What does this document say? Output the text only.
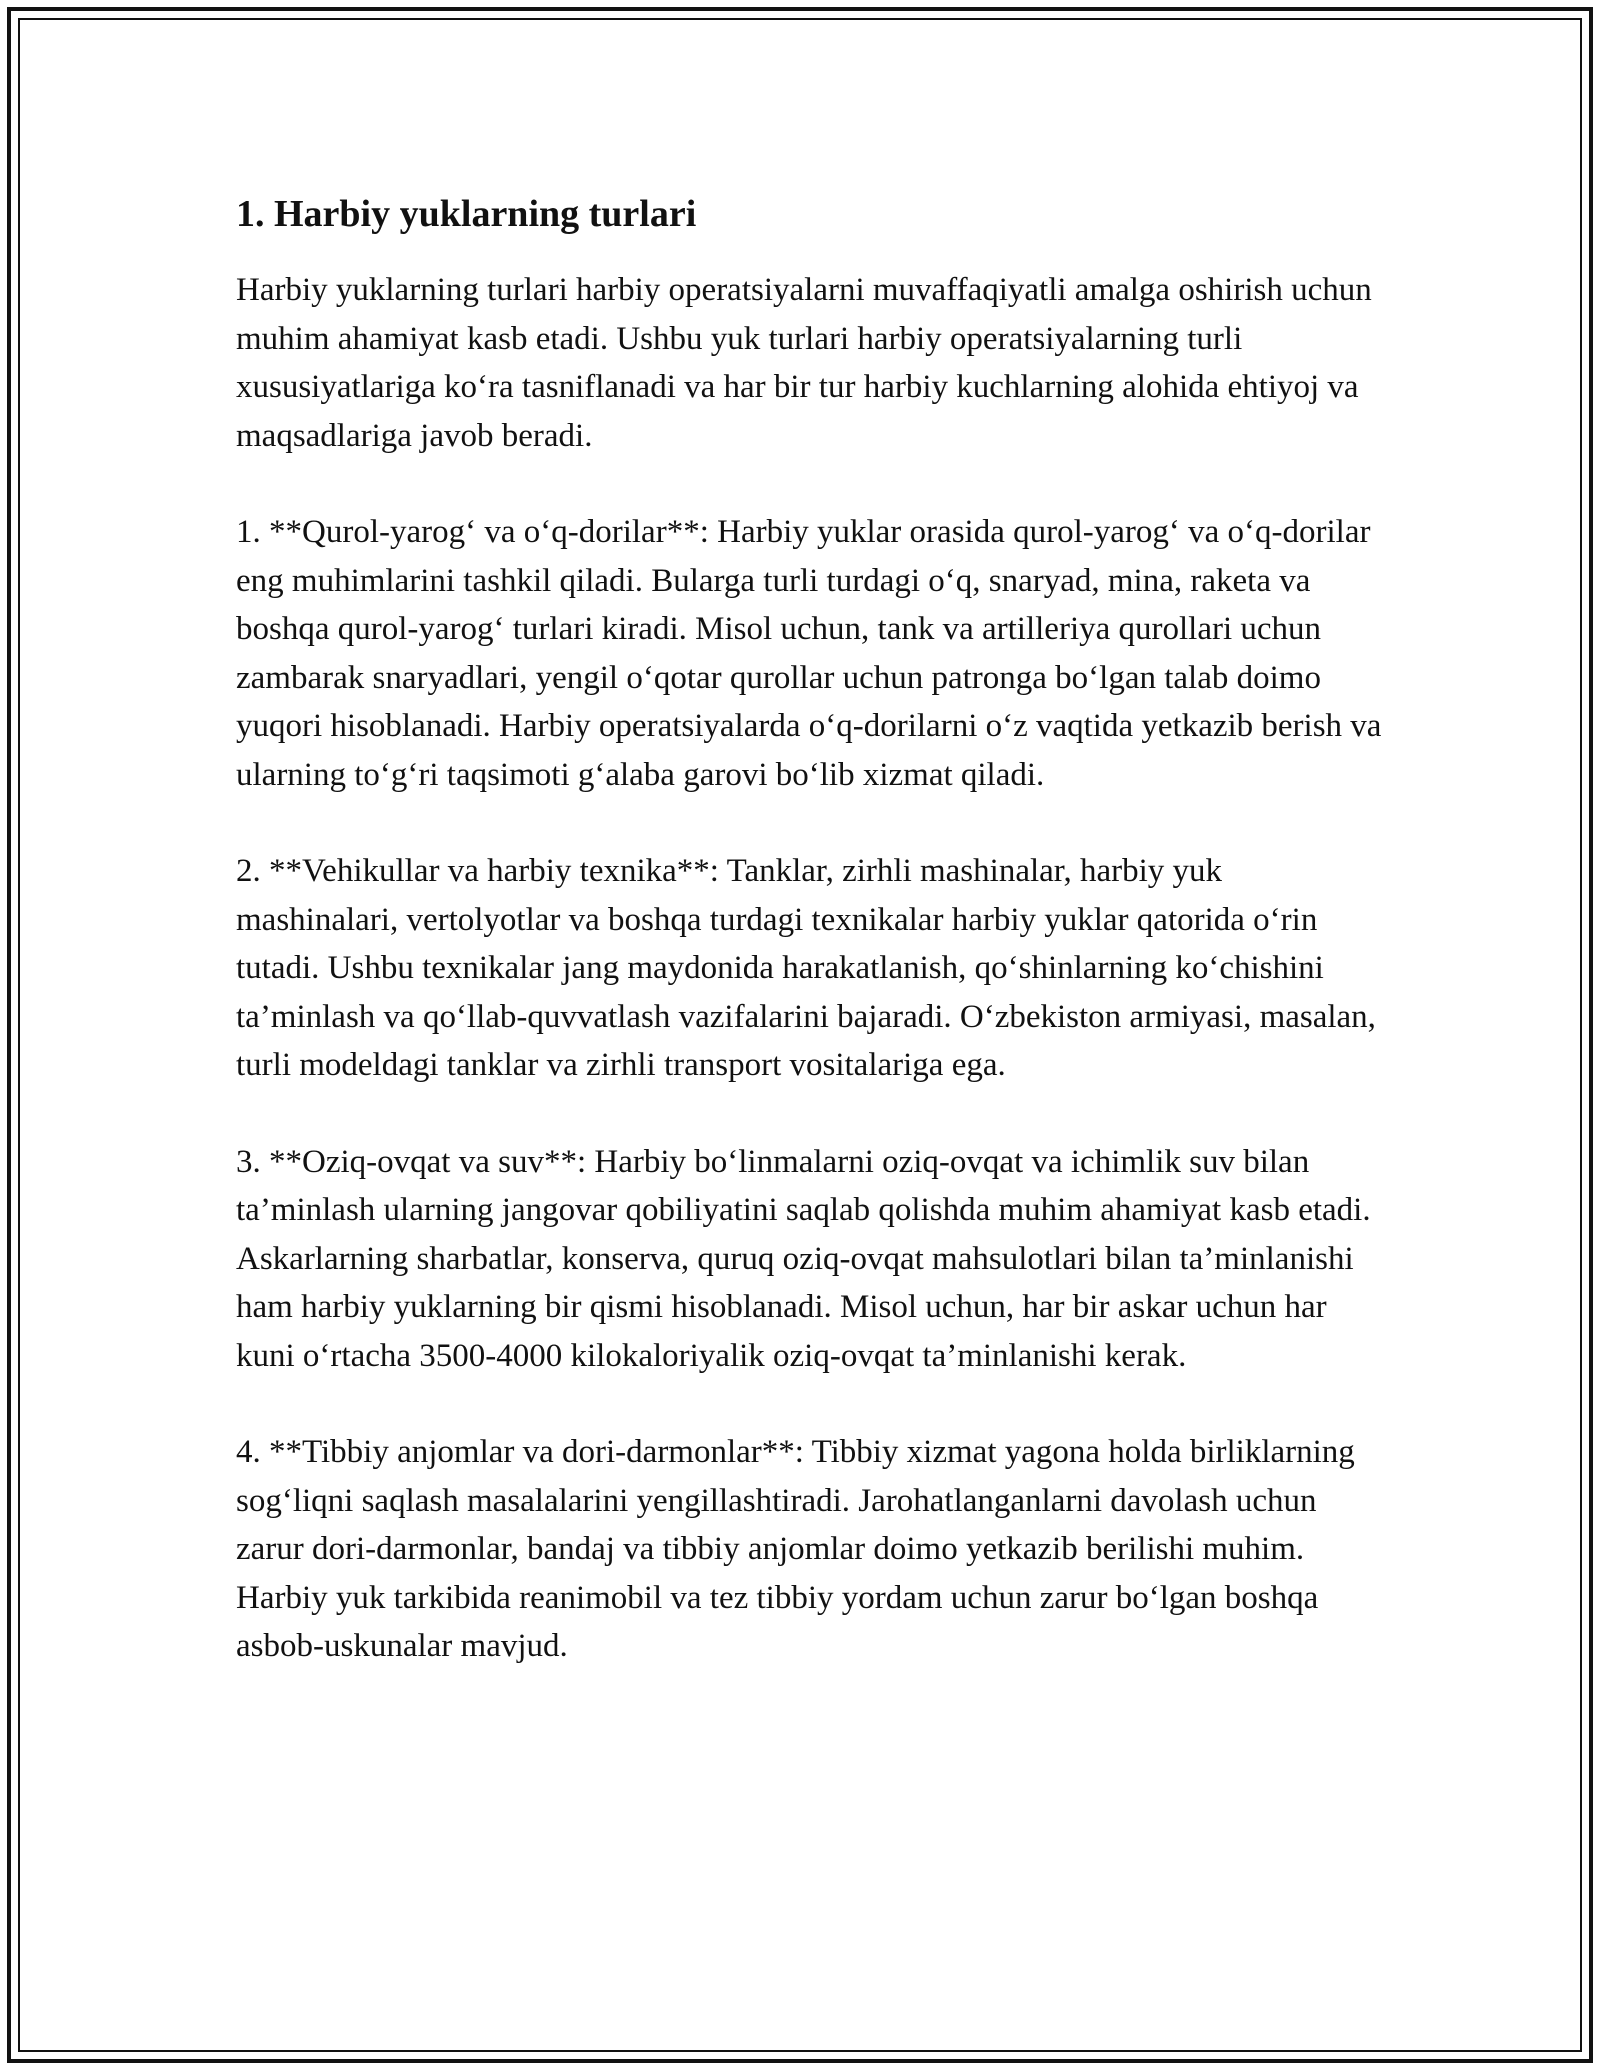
1. Harbiy yuklarning turlari

Harbiy yuklarning turlari harbiy operatsiyalarni muvaffaqiyatli amalga oshirish uchun muhim ahamiyat kasb etadi. Ushbu yuk turlari harbiy operatsiyalarning turli xususiyatlariga ko‘ra tasniflanadi va har bir tur harbiy kuchlarning alohida ehtiyoj va maqsadlariga javob beradi.

1. **Qurol-yarog‘ va o‘q-dorilar**: Harbiy yuklar orasida qurol-yarog‘ va o‘q-dorilar eng muhimlarini tashkil qiladi. Bularga turli turdagi o‘q, snaryad, mina, raketa va boshqa qurol-yarog‘ turlari kiradi. Misol uchun, tank va artilleriya qurollari uchun zambarak snaryadlari, yengil o‘qotar qurollar uchun patronga bo‘lgan talab doimo yuqori hisoblanadi. Harbiy operatsiyalarda o‘q-dorilarni o‘z vaqtida yetkazib berish va ularning to‘g‘ri taqsimoti g‘alaba garovi bo‘lib xizmat qiladi.

2. **Vehikullar va harbiy texnika**: Tanklar, zirhli mashinalar, harbiy yuk mashinalari, vertolyotlar va boshqa turdagi texnikalar harbiy yuklar qatorida o‘rin tutadi. Ushbu texnikalar jang maydonida harakatlanish, qo‘shinlarning ko‘chishini ta’minlash va qo‘llab-quvvatlash vazifalarini bajaradi. O‘zbekiston armiyasi, masalan, turli modeldagi tanklar va zirhli transport vositalariga ega.

3. **Oziq-ovqat va suv**: Harbiy bo‘linmalarni oziq-ovqat va ichimlik suv bilan ta’minlash ularning jangovar qobiliyatini saqlab qolishda muhim ahamiyat kasb etadi. Askarlarning sharbatlar, konserva, quruq oziq-ovqat mahsulotlari bilan ta’minlanishi ham harbiy yuklarning bir qismi hisoblanadi. Misol uchun, har bir askar uchun har kuni o‘rtacha 3500-4000 kilokaloriyalik oziq-ovqat ta’minlanishi kerak.

4. **Tibbiy anjomlar va dori-darmonlar**: Tibbiy xizmat yagona holda birliklarning sog‘liqni saqlash masalalarini yengillashtiradi. Jarohatlanganlarni davolash uchun zarur dori-darmonlar, bandaj va tibbiy anjomlar doimo yetkazib berilishi muhim. Harbiy yuk tarkibida reanimobil va tez tibbiy yordam uchun zarur bo‘lgan boshqa asbob-uskunalar mavjud.
